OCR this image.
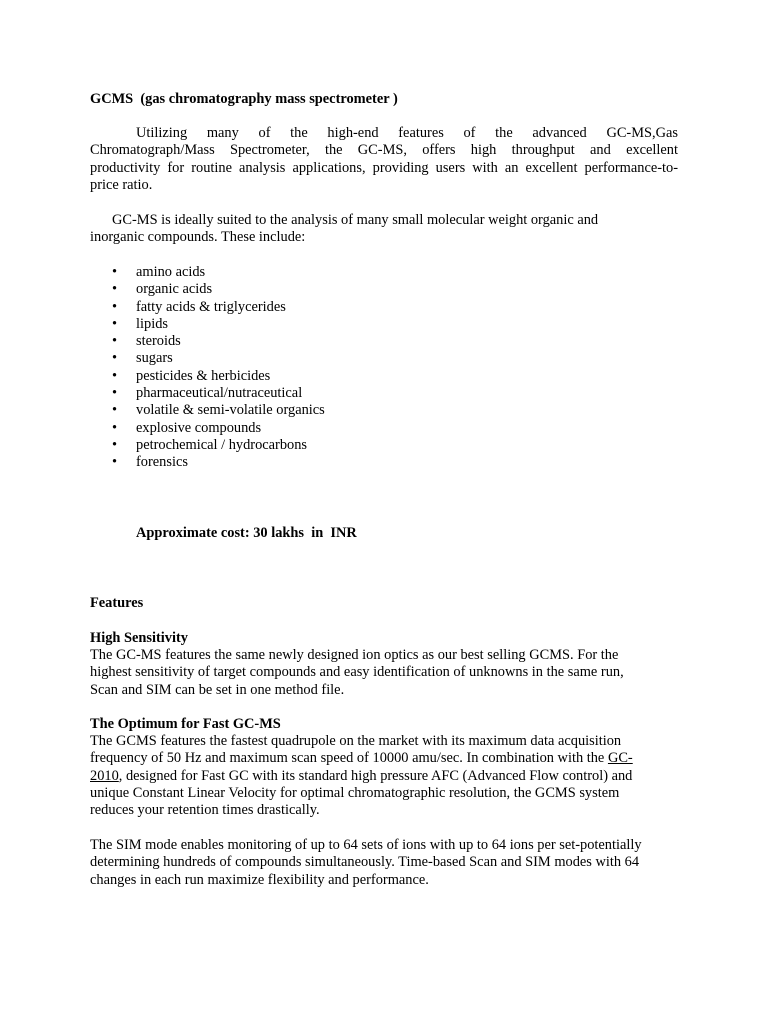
GCMS  (gas chromatography mass spectrometer )
Utilizing many of the high-end features of the advanced GC-MS,Gas
Chromatograph/Mass Spectrometer, the GC-MS, offers high throughput and excellent
productivity for routine analysis applications, providing users with an excellent performance-to-
price ratio.
GC-MS is ideally suited to the analysis of many small molecular weight organic and
inorganic compounds. These include:
• amino acids
• organic acids
• fatty acids & triglycerides
• lipids
• steroids
• sugars
• pesticides & herbicides
• pharmaceutical/nutraceutical
• volatile & semi-volatile organics
• explosive compounds
• petrochemical / hydrocarbons
• forensics
Approximate cost: 30 lakhs  in  INR
Features
High Sensitivity
The GC-MS features the same newly designed ion optics as our best selling GCMS. For the
highest sensitivity of target compounds and easy identification of unknowns in the same run,
Scan and SIM can be set in one method file.
The Optimum for Fast GC-MS
The GCMS features the fastest quadrupole on the market with its maximum data acquisition
frequency of 50 Hz and maximum scan speed of 10000 amu/sec. In combination with the GC-
2010, designed for Fast GC with its standard high pressure AFC (Advanced Flow control) and
unique Constant Linear Velocity for optimal chromatographic resolution, the GCMS system
reduces your retention times drastically.
The SIM mode enables monitoring of up to 64 sets of ions with up to 64 ions per set-potentially
determining hundreds of compounds simultaneously. Time-based Scan and SIM modes with 64
changes in each run maximize flexibility and performance.
